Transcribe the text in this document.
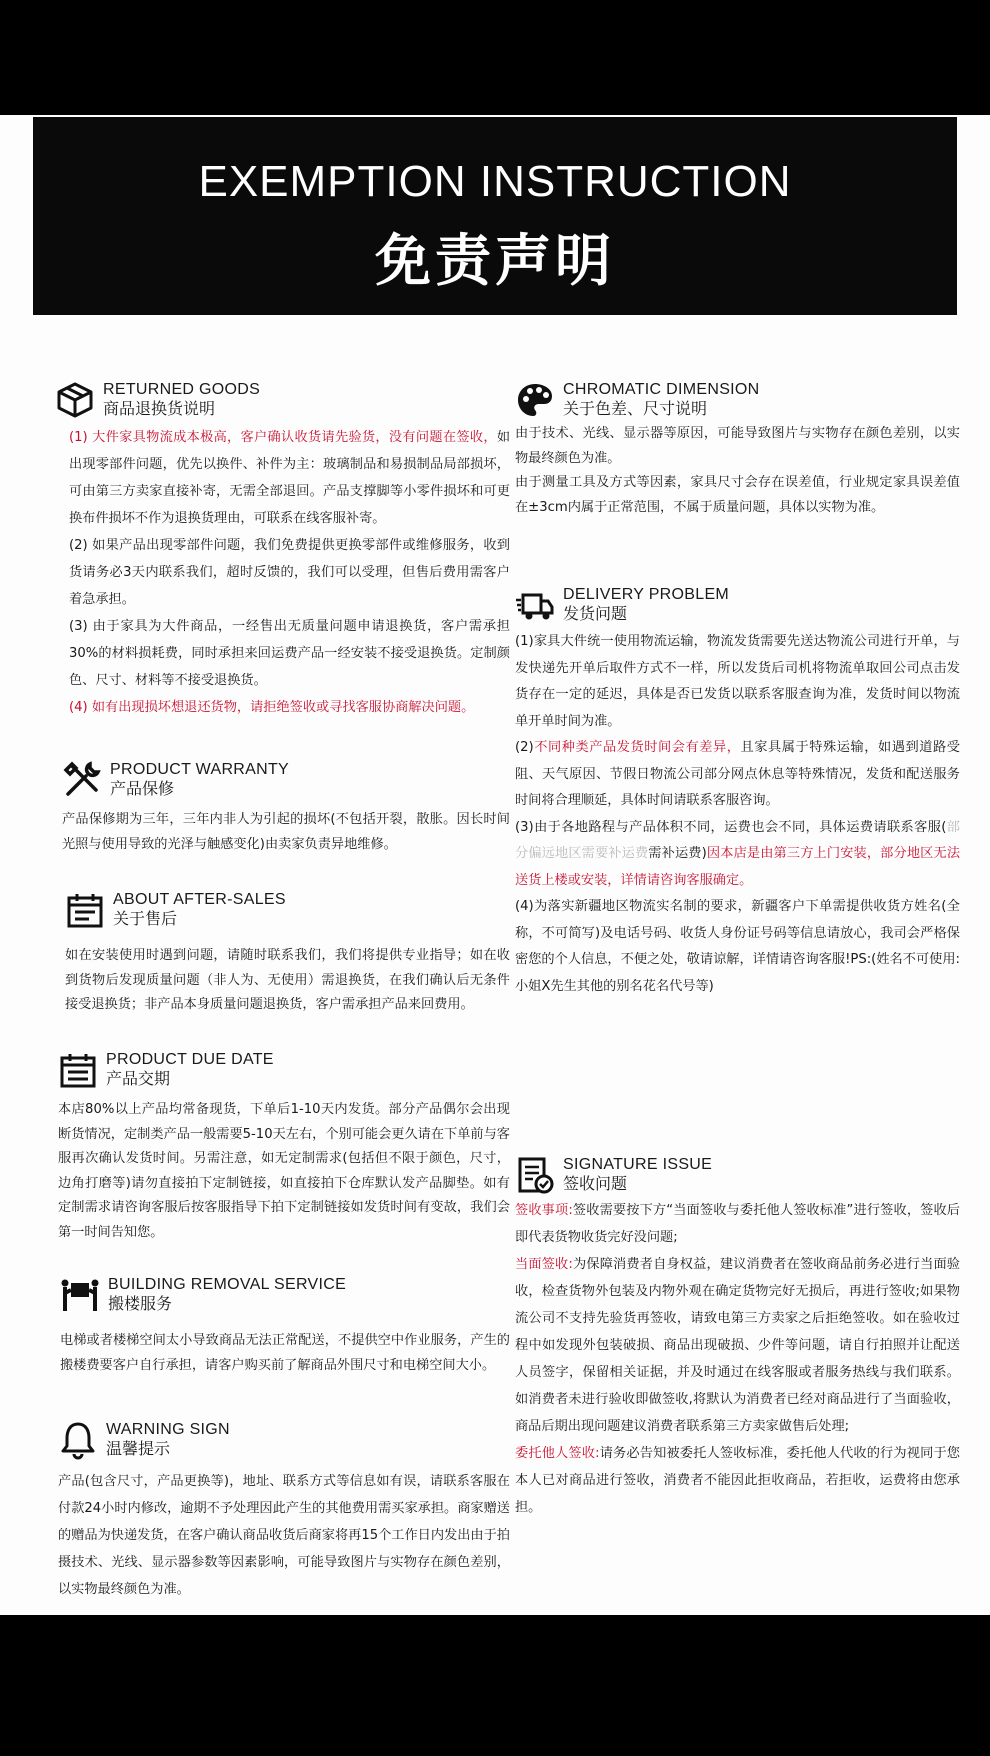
EXEMPTION INSTRUCTION
免责声明
RETURNED GOODS
商品退换货说明

(1) 大件家具物流成本极高，客户确认收货请先验货，没有问题在签收，如出现零部件问题，优先以换件、补件为主：玻璃制品和易损制品局部损坏，可由第三方卖家直接补寄，无需全部退回。产品支撑脚等小零件损坏和可更换布件损坏不作为退换货理由，可联系在线客服补寄。

(2) 如果产品出现零部件问题，我们免费提供更换零部件或维修服务，收到货请务必3天内联系我们，超时反馈的，我们可以受理，但售后费用需客户着急承担。

(3) 由于家具为大件商品，一经售出无质量问题申请退换货，客户需承担30%的材料损耗费，同时承担来回运费产品一经安装不接受退换货。定制颜色、尺寸、材料等不接受退换货。

(4) 如有出现损坏想退还货物，请拒绝签收或寻找客服协商解决问题。

PRODUCT WARRANTY
产品保修
产品保修期为三年，三年内非人为引起的损坏(不包括开裂，散胀。因长时间光照与使用导致的光泽与触感变化)由卖家负责异地维修。
ABOUT AFTER-SALES
关于售后
如在安装使用时遇到问题，请随时联系我们，我们将提供专业指导；如在收到货物后发现质量问题（非人为、无使用）需退换货，在我们确认后无条件接受退换货；非产品本身质量问题退换货，客户需承担产品来回费用。
PRODUCT DUE DATE
产品交期
本店80%以上产品均常备现货，下单后1-10天内发货。部分产品偶尔会出现断货情况，定制类产品一般需要5-10天左右，个别可能会更久请在下单前与客服再次确认发货时间。另需注意，如无定制需求(包括但不限于颜色，尺寸，边角打磨等)请勿直接拍下定制链接，如直接拍下仓库默认发产品脚垫。如有定制需求请咨询客服后按客服指导下拍下定制链接如发货时间有变故，我们会第一时间告知您。
BUILDING REMOVAL SERVICE
搬楼服务
电梯或者楼梯空间太小导致商品无法正常配送，不提供空中作业服务，产生的搬楼费要客户自行承担，请客户购买前了解商品外围尺寸和电梯空间大小。
WARNING SIGN
温馨提示
产品(包含尺寸，产品更换等)，地址、联系方式等信息如有误，请联系客服在付款24小时内修改，逾期不予处理因此产生的其他费用需买家承担。商家赠送的赠品为快递发货，在客户确认商品收货后商家将再15个工作日内发出由于拍摄技术、光线、显示器参数等因素影响，可能导致图片与实物存在颜色差别，以实物最终颜色为准。
CHROMATIC DIMENSION
关于色差、尺寸说明

由于技术、光线、显示器等原因，可能导致图片与实物存在颜色差别，以实物最终颜色为准。

由于测量工具及方式等因素，家具尺寸会存在误差值，行业规定家具误差值在±3cm内属于正常范围，不属于质量问题，具体以实物为准。

DELIVERY PROBLEM
发货问题

(1)家具大件统一使用物流运输，物流发货需要先送达物流公司进行开单，与发快递先开单后取件方式不一样，所以发货后司机将物流单取回公司点击发货存在一定的延迟，具体是否已发货以联系客服查询为准，发货时间以物流单开单时间为准。

(2)不同种类产品发货时间会有差异，且家具属于特殊运输，如遇到道路受阻、天气原因、节假日物流公司部分网点休息等特殊情况，发货和配送服务时间将合理顺延，具体时间请联系客服咨询。

(3)由于各地路程与产品体积不同，运费也会不同，具体运费请联系客服(部分偏远地区需要补运费需补运费)因本店是由第三方上门安装，部分地区无法送货上楼或安装，详情请咨询客服确定。

(4)为落实新疆地区物流实名制的要求，新疆客户下单需提供收货方姓名(全称，不可简写)及电话号码、收货人身份证号码等信息请放心，我司会严格保密您的个人信息，不便之处，敬请谅解，详情请咨询客服!PS:(姓名不可使用:小姐X先生其他的别名花名代号等)

SIGNATURE ISSUE
签收问题

签收事项:签收需要按下方“当面签收与委托他人签收标准”进行签收，签收后即代表货物收货完好没问题;

当面签收:为保障消费者自身权益，建议消费者在签收商品前务必进行当面验收，检查货物外包装及内物外观在确定货物完好无损后，再进行签收;如果物流公司不支持先验货再签收，请致电第三方卖家之后拒绝签收。如在验收过程中如发现外包装破损、商品出现破损、少件等问题，请自行拍照并让配送人员签字，保留相关证据，并及时通过在线客服或者服务热线与我们联系。如消费者未进行验收即做签收,将默认为消费者已经对商品进行了当面验收，商品后期出现问题建议消费者联系第三方卖家做售后处理;

委托他人签收:请务必告知被委托人签收标准，委托他人代收的行为视同于您本人已对商品进行签收，消费者不能因此拒收商品，若拒收，运费将由您承担。
